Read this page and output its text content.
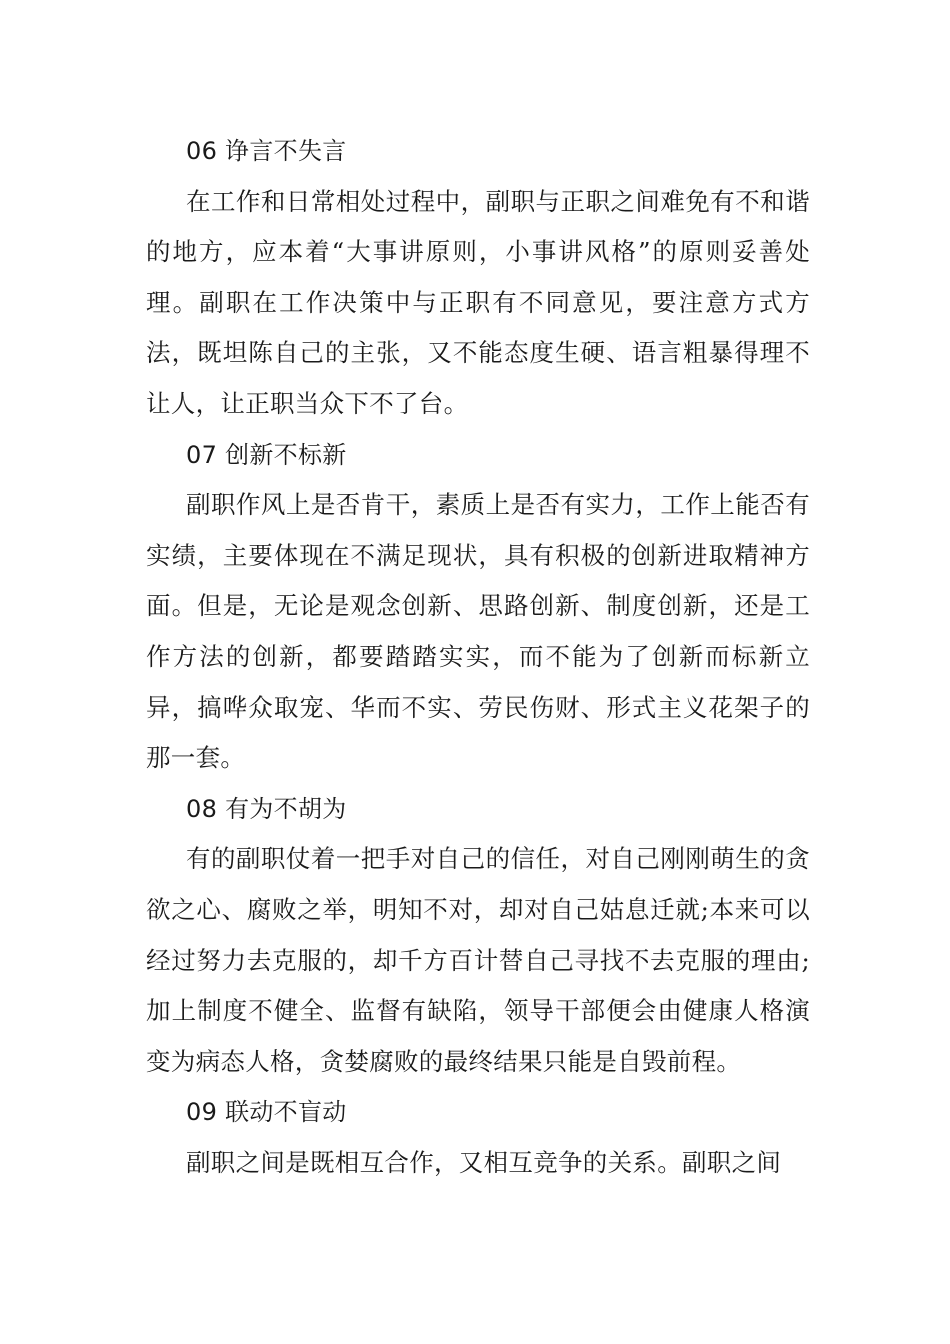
06 诤言不失言

在工作和日常相处过程中，副职与正职之间难免有不和谐的地方，应本着“大事讲原则，小事讲风格”的原则妥善处理。副职在工作决策中与正职有不同意见，要注意方式方法，既坦陈自己的主张，又不能态度生硬、语言粗暴得理不让人，让正职当众下不了台。

07 创新不标新

副职作风上是否肯干，素质上是否有实力，工作上能否有实绩，主要体现在不满足现状，具有积极的创新进取精神方面。但是，无论是观念创新、思路创新、制度创新，还是工作方法的创新，都要踏踏实实，而不能为了创新而标新立异，搞哗众取宠、华而不实、劳民伤财、形式主义花架子的那一套。

08 有为不胡为

有的副职仗着一把手对自己的信任，对自己刚刚萌生的贪欲之心、腐败之举，明知不对，却对自己姑息迁就;本来可以经过努力去克服的，却千方百计替自己寻找不去克服的理由;加上制度不健全、监督有缺陷，领导干部便会由健康人格演变为病态人格，贪婪腐败的最终结果只能是自毁前程。

09 联动不盲动

副职之间是既相互合作，又相互竞争的关系。副职之间
